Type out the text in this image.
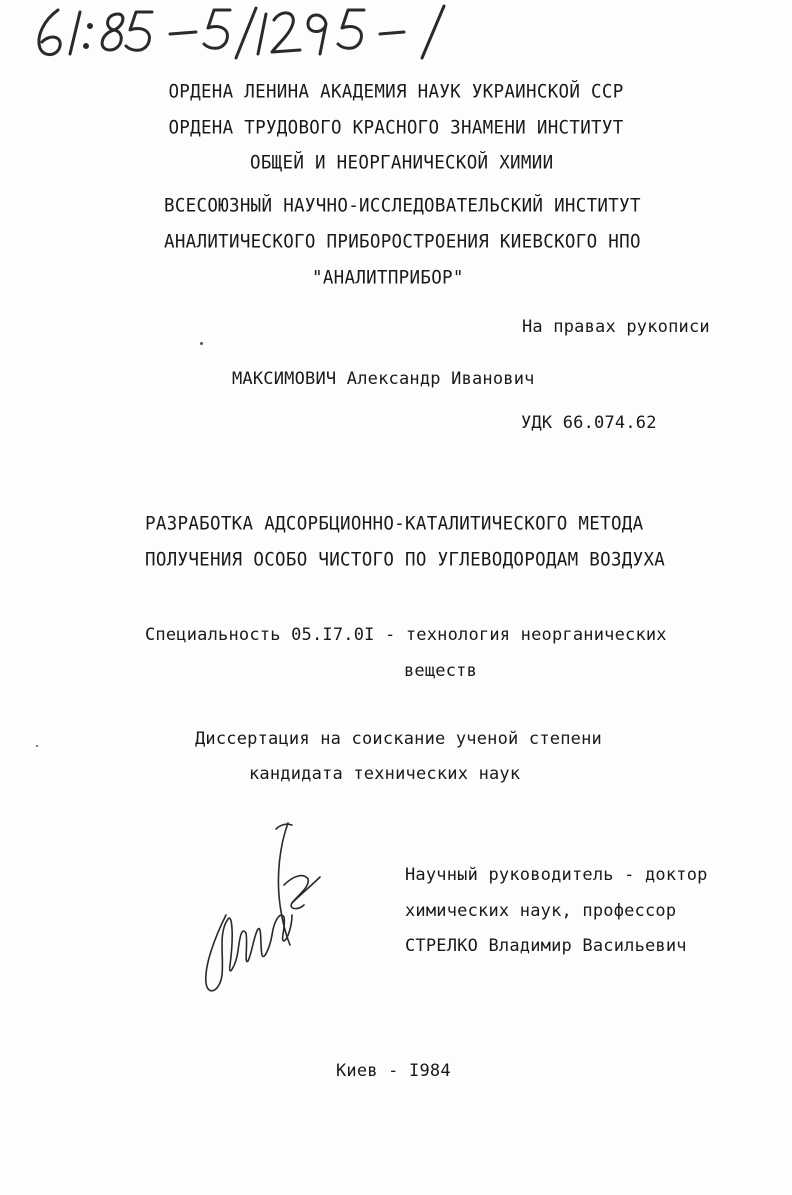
ОРДЕНА ЛЕНИНА АКАДЕМИЯ НАУК УКРАИНСКОЙ ССР
ОРДЕНА ТРУДОВОГО КРАСНОГО ЗНАМЕНИ ИНСТИТУТ
ОБЩЕЙ И НЕОРГАНИЧЕСКОЙ ХИМИИ
ВСЕСОЮЗНЫЙ НАУЧНО-ИССЛЕДОВАТЕЛЬСКИЙ ИНСТИТУТ
АНАЛИТИЧЕСКОГО ПРИБОРОСТРОЕНИЯ КИЕВСКОГО НПО
"АНАЛИТПРИБОР"
На правах рукописи
МАКСИМОВИЧ Александр Иванович
УДК 66.074.62
РАЗРАБОТКА АДСОРБЦИОННО-КАТАЛИТИЧЕСКОГО МЕТОДА
ПОЛУЧЕНИЯ ОСОБО ЧИСТОГО ПО УГЛЕВОДОРОДАМ ВОЗДУХА
Специальность 05.I7.0I - технология неорганических
веществ
Диссертация на соискание ученой степени
кандидата технических наук
Научный руководитель - доктор
химических наук, профессор
СТРЕЛКО Владимир Васильевич
Киев - I984
